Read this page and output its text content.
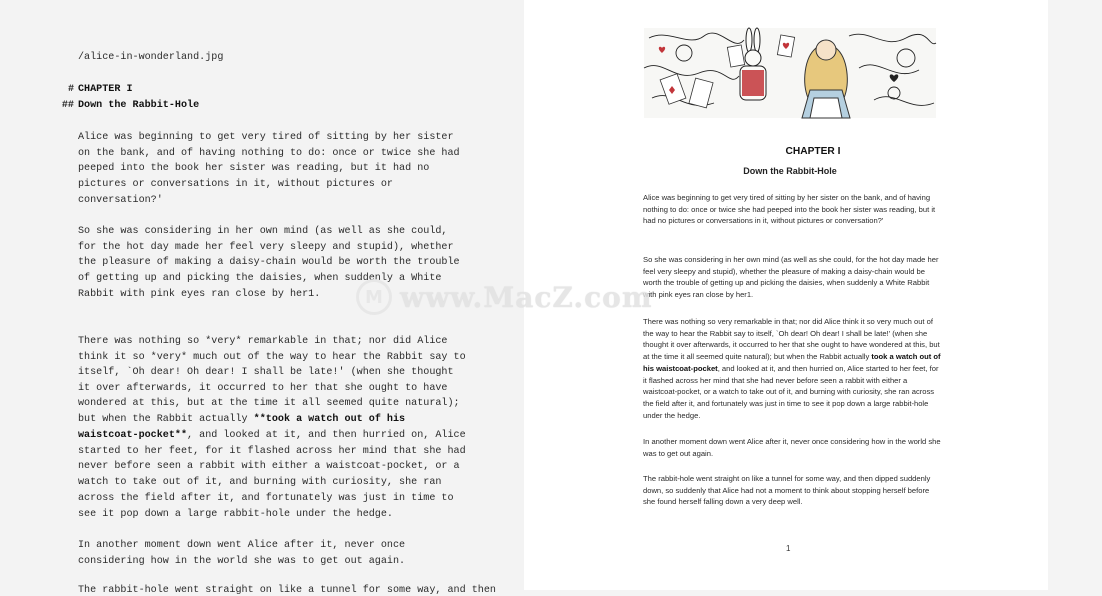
/alice-in-wonderland.jpg
# CHAPTER I
## Down the Rabbit-Hole
Alice was beginning to get very tired of sitting by her sister
on the bank, and of having nothing to do: once or twice she had
peeped into the book her sister was reading, but it had no
pictures or conversations in it, without pictures or
conversation?'
So she was considering in her own mind (as well as she could,
for the hot day made her feel very sleepy and stupid), whether
the pleasure of making a daisy-chain would be worth the trouble
of getting up and picking the daisies, when suddenly a White
Rabbit with pink eyes ran close by her1.
There was nothing so *very* remarkable in that; nor did Alice
think it so *very* much out of the way to hear the Rabbit say to
itself, `Oh dear! Oh dear! I shall be late!' (when she thought
it over afterwards, it occurred to her that she ought to have
wondered at this, but at the time it all seemed quite natural);
but when the Rabbit actually **took a watch out of his
waistcoat-pocket**, and looked at it, and then hurried on, Alice
started to her feet, for it flashed across her mind that she had
never before seen a rabbit with either a waistcoat-pocket, or a
watch to take out of it, and burning with curiosity, she ran
across the field after it, and fortunately was just in time to
see it pop down a large rabbit-hole under the hedge.
In another moment down went Alice after it, never once
considering how in the world she was to get out again.
The rabbit-hole went straight on like a tunnel for some way, and then
CHAPTER I
Down the Rabbit-Hole
Alice was beginning to get very tired of sitting by her sister on the bank, and of having nothing to do: once or twice she had peeped into the book her sister was reading, but it had no pictures or conversations in it, without pictures or conversation?'
So she was considering in her own mind (as well as she could, for the hot day made her feel very sleepy and stupid), whether the pleasure of making a daisy-chain would be worth the trouble of getting up and picking the daisies, when suddenly a White Rabbit with pink eyes ran close by her1.
There was nothing so very remarkable in that; nor did Alice think it so very much out of the way to hear the Rabbit say to itself, `Oh dear! Oh dear! I shall be late!' (when she thought it over afterwards, it occurred to her that she ought to have wondered at this, but at the time it all seemed quite natural); but when the Rabbit actually took a watch out of his waistcoat-pocket, and looked at it, and then hurried on, Alice started to her feet, for it flashed across her mind that she had never before seen a rabbit with either a waistcoat-pocket, or a watch to take out of it, and burning with curiosity, she ran across the field after it, and fortunately was just in time to see it pop down a large rabbit-hole under the hedge.
In another moment down went Alice after it, never once considering how in the world she was to get out again.
The rabbit-hole went straight on like a tunnel for some way, and then dipped suddenly down, so suddenly that Alice had not a moment to think about stopping herself before she found herself falling down a very deep well.
1
M www.MacZ.com
